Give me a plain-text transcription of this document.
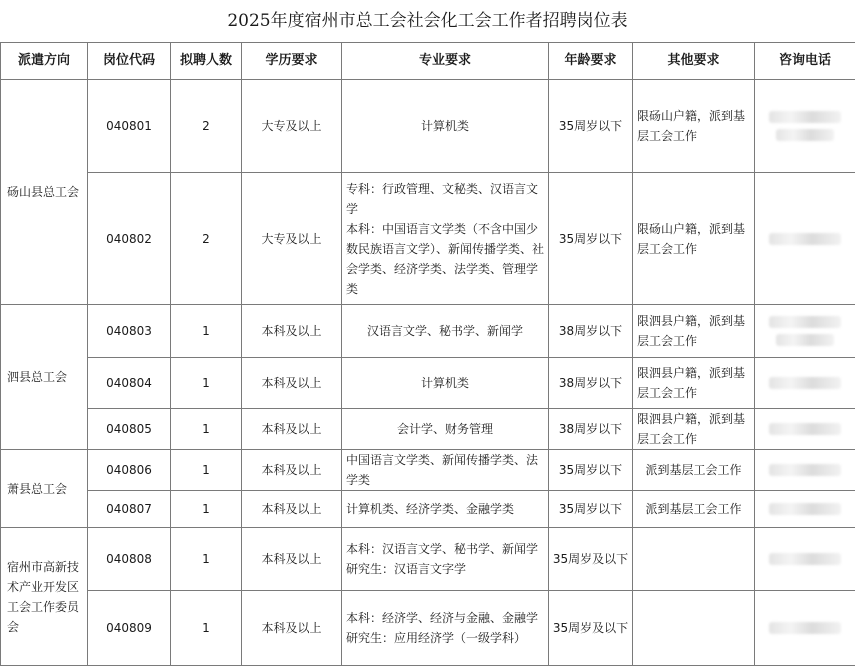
2025年度宿州市总工会社会化工会工作者招聘岗位表
派遣方向	岗位代码	拟聘人数	学历要求	专业要求	年龄要求	其他要求	咨询电话
砀山县总工会	040801	2	大专及以上	计算机类	35周岁以下	限砀山户籍，派到基层工会工作	

	040802	2	大专及以上	专科：行政管理、文秘类、汉语言文学
本科：中国语言文学类（不含中国少数民族语言文学）、新闻传播学类、社会学类、经济学类、法学类、管理学类	35周岁以下	限砀山户籍，派到基层工会工作	

泗县总工会	040803	1	本科及以上	汉语言文学、秘书学、新闻学	38周岁以下	限泗县户籍，派到基层工会工作	

	040804	1	本科及以上	计算机类	38周岁以下	限泗县户籍，派到基层工会工作	

	040805	1	本科及以上	会计学、财务管理	38周岁以下	限泗县户籍，派到基层工会工作	

萧县总工会	040806	1	本科及以上	中国语言文学类、新闻传播学类、法学类	35周岁以下	派到基层工会工作	

	040807	1	本科及以上	计算机类、经济学类、金融学类	35周岁以下	派到基层工会工作	

宿州市高新技术产业开发区工会工作委员会	040808	1	本科及以上	本科：汉语言文学、秘书学、新闻学
研究生：汉语言文字学	35周岁及以下		

	040809	1	本科及以上	本科：经济学、经济与金融、金融学
研究生：应用经济学（一级学科）	35周岁及以下		
